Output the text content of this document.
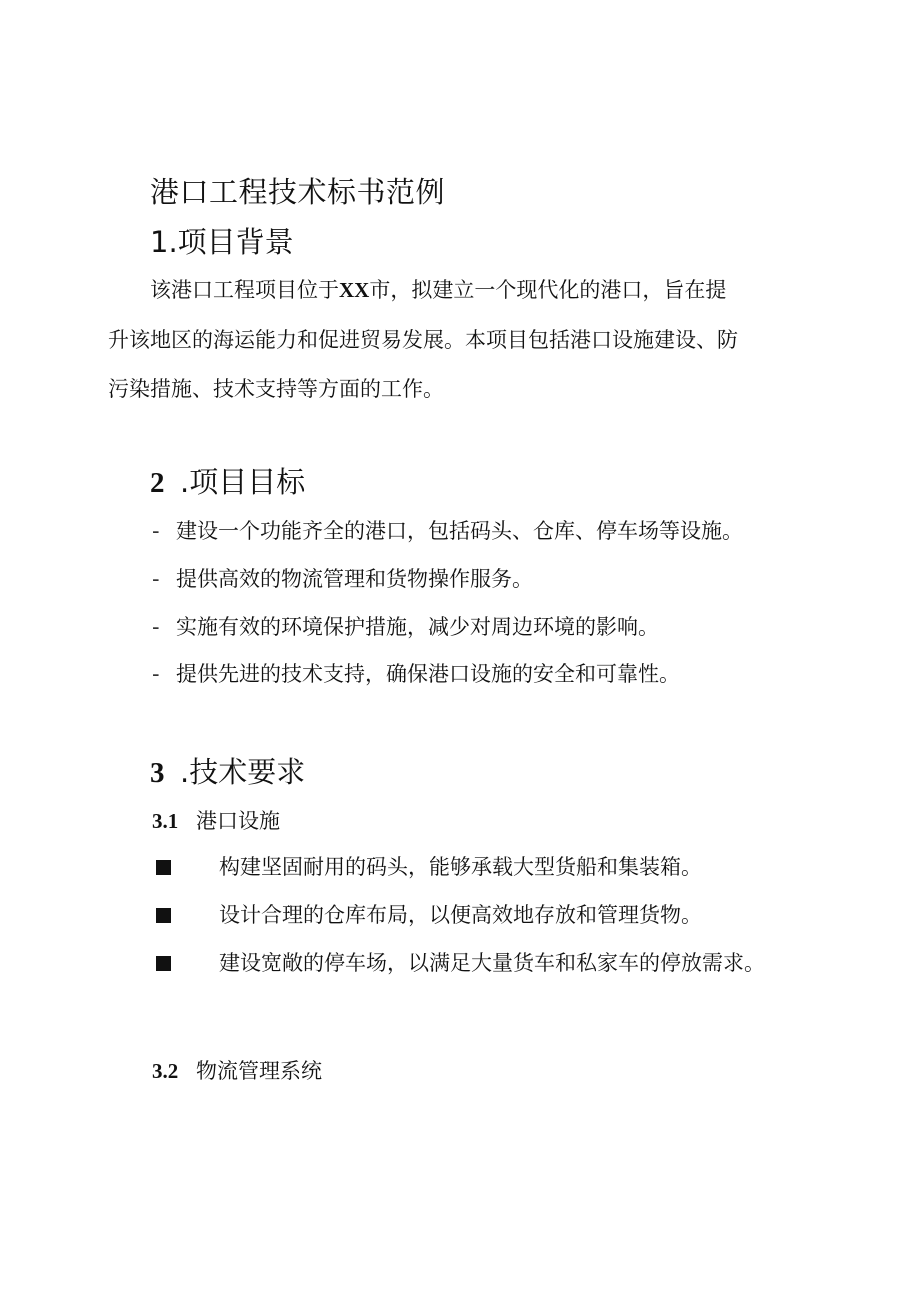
港口工程技术标书范例
1.项目背景
该港口工程项目位于XX市，拟建立一个现代化的港口，旨在提
升该地区的海运能力和促进贸易发展。本项目包括港口设施建设、防
污染措施、技术支持等方面的工作。
2 .项目目标
- 建设一个功能齐全的港口，包括码头、仓库、停车场等设施。
- 提供高效的物流管理和货物操作服务。
- 实施有效的环境保护措施，减少对周边环境的影响。
- 提供先进的技术支持，确保港口设施的安全和可靠性。
3 .技术要求
3.1 港口设施
构建坚固耐用的码头，能够承载大型货船和集装箱。
设计合理的仓库布局，以便高效地存放和管理货物。
建设宽敞的停车场，以满足大量货车和私家车的停放需求。
3.2 物流管理系统
